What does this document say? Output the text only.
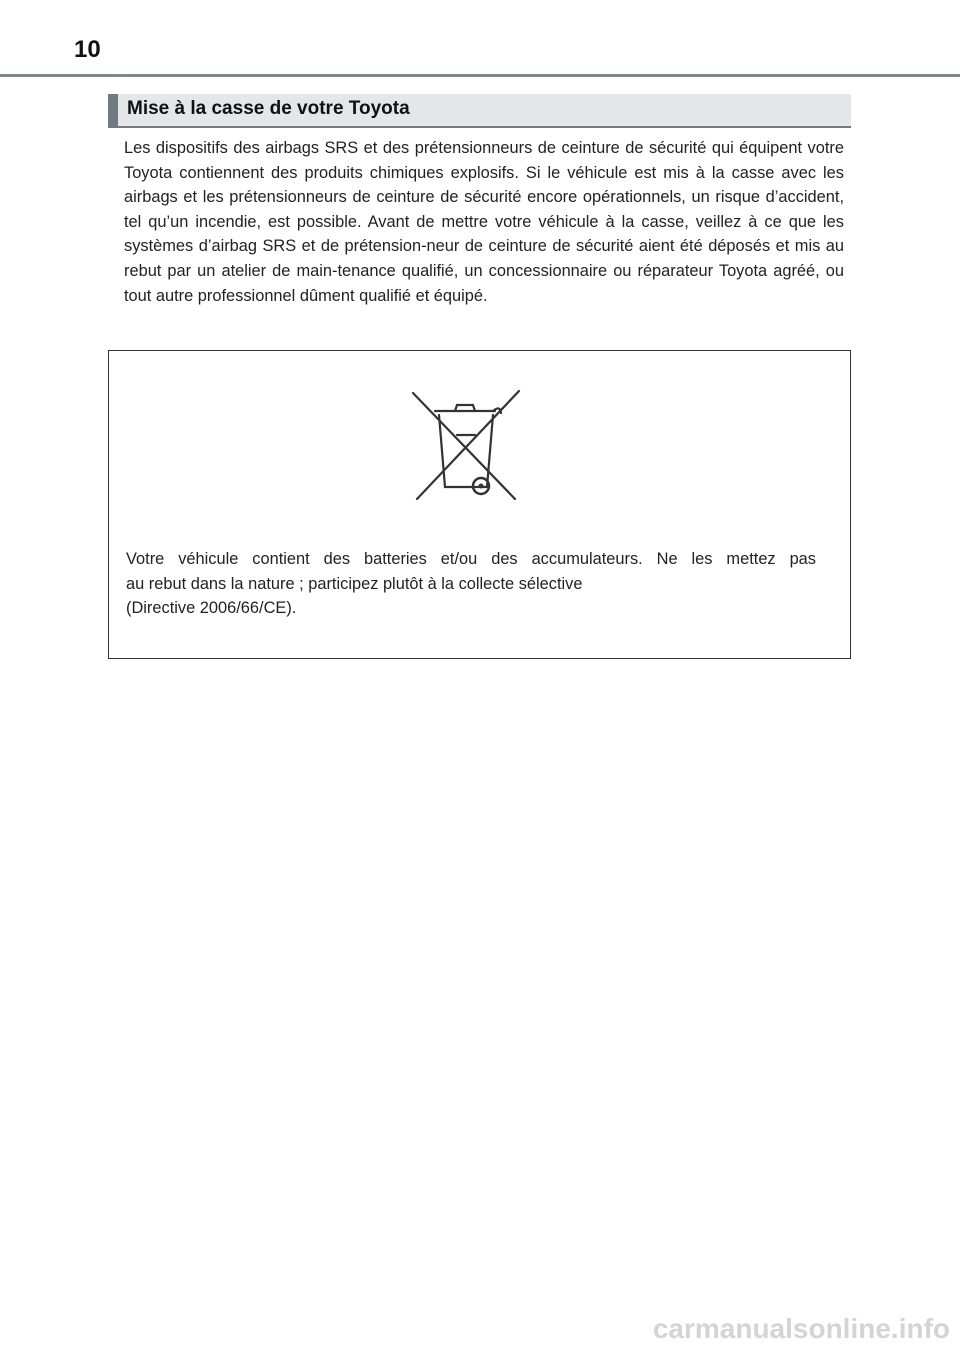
10
Mise à la casse de votre Toyota
Les dispositifs des airbags SRS et des prétensionneurs de ceinture de sécurité qui équipent votre Toyota contiennent des produits chimiques explosifs. Si le véhicule est mis à la casse avec les airbags et les prétensionneurs de ceinture de sécurité encore opérationnels, un risque d’accident, tel qu’un incendie, est possible. Avant de mettre votre véhicule à la casse, veillez à ce que les systèmes d’airbag SRS et de prétension-neur de ceinture de sécurité aient été déposés et mis au rebut par un atelier de main-tenance qualifié, un concessionnaire ou réparateur Toyota agréé, ou tout autre professionnel dûment qualifié et équipé.
Votre véhicule contient des batteries et/ou des accumulateurs. Ne les mettez pas
au rebut dans la nature ; participez plutôt à la collecte sélective
(Directive 2006/66/CE).
carmanualsonline.info
